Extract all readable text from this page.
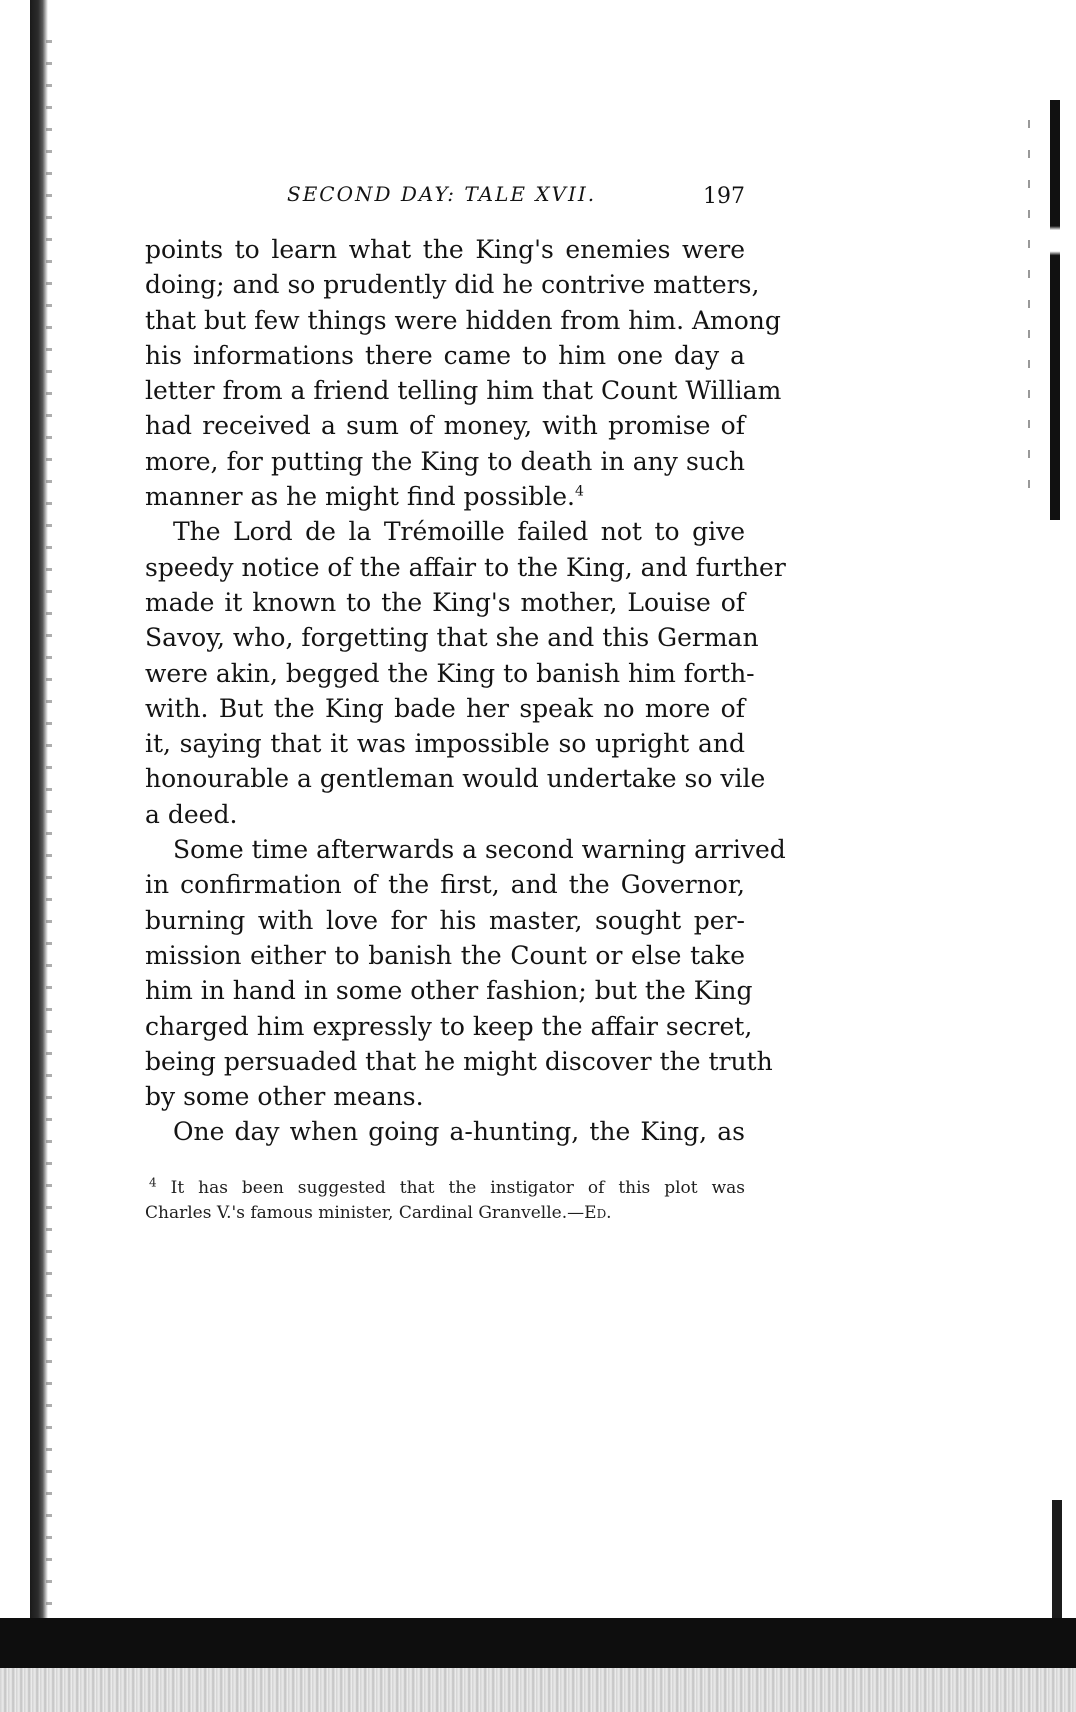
SECOND DAY: TALE XVII.	197
points to learn what the King's enemies were
doing; and so prudently did he contrive matters,
that but few things were hidden from him. Among
his informations there came to him one day a
letter from a friend telling him that Count William
had received a sum of money, with promise of
more, for putting the King to death in any such
manner as he might find possible.$^4$
The Lord de la Trémoille failed not to give
speedy notice of the affair to the King, and further
made it known to the King's mother, Louise of
Savoy, who, forgetting that she and this German
were akin, begged the King to banish him forth-
with. But the King bade her speak no more of
it, saying that it was impossible so upright and
honourable a gentleman would undertake so vile
a deed.
Some time afterwards a second warning arrived
in confirmation of the first, and the Governor,
burning with love for his master, sought per-
mission either to banish the Count or else take
him in hand in some other fashion; but the King
charged him expressly to keep the affair secret,
being persuaded that he might discover the truth
by some other means.
One day when going a-hunting, the King, as
$^4$ It has been suggested that the instigator of this plot was
Charles V.'s famous minister, Cardinal Granvelle.—Ed.
